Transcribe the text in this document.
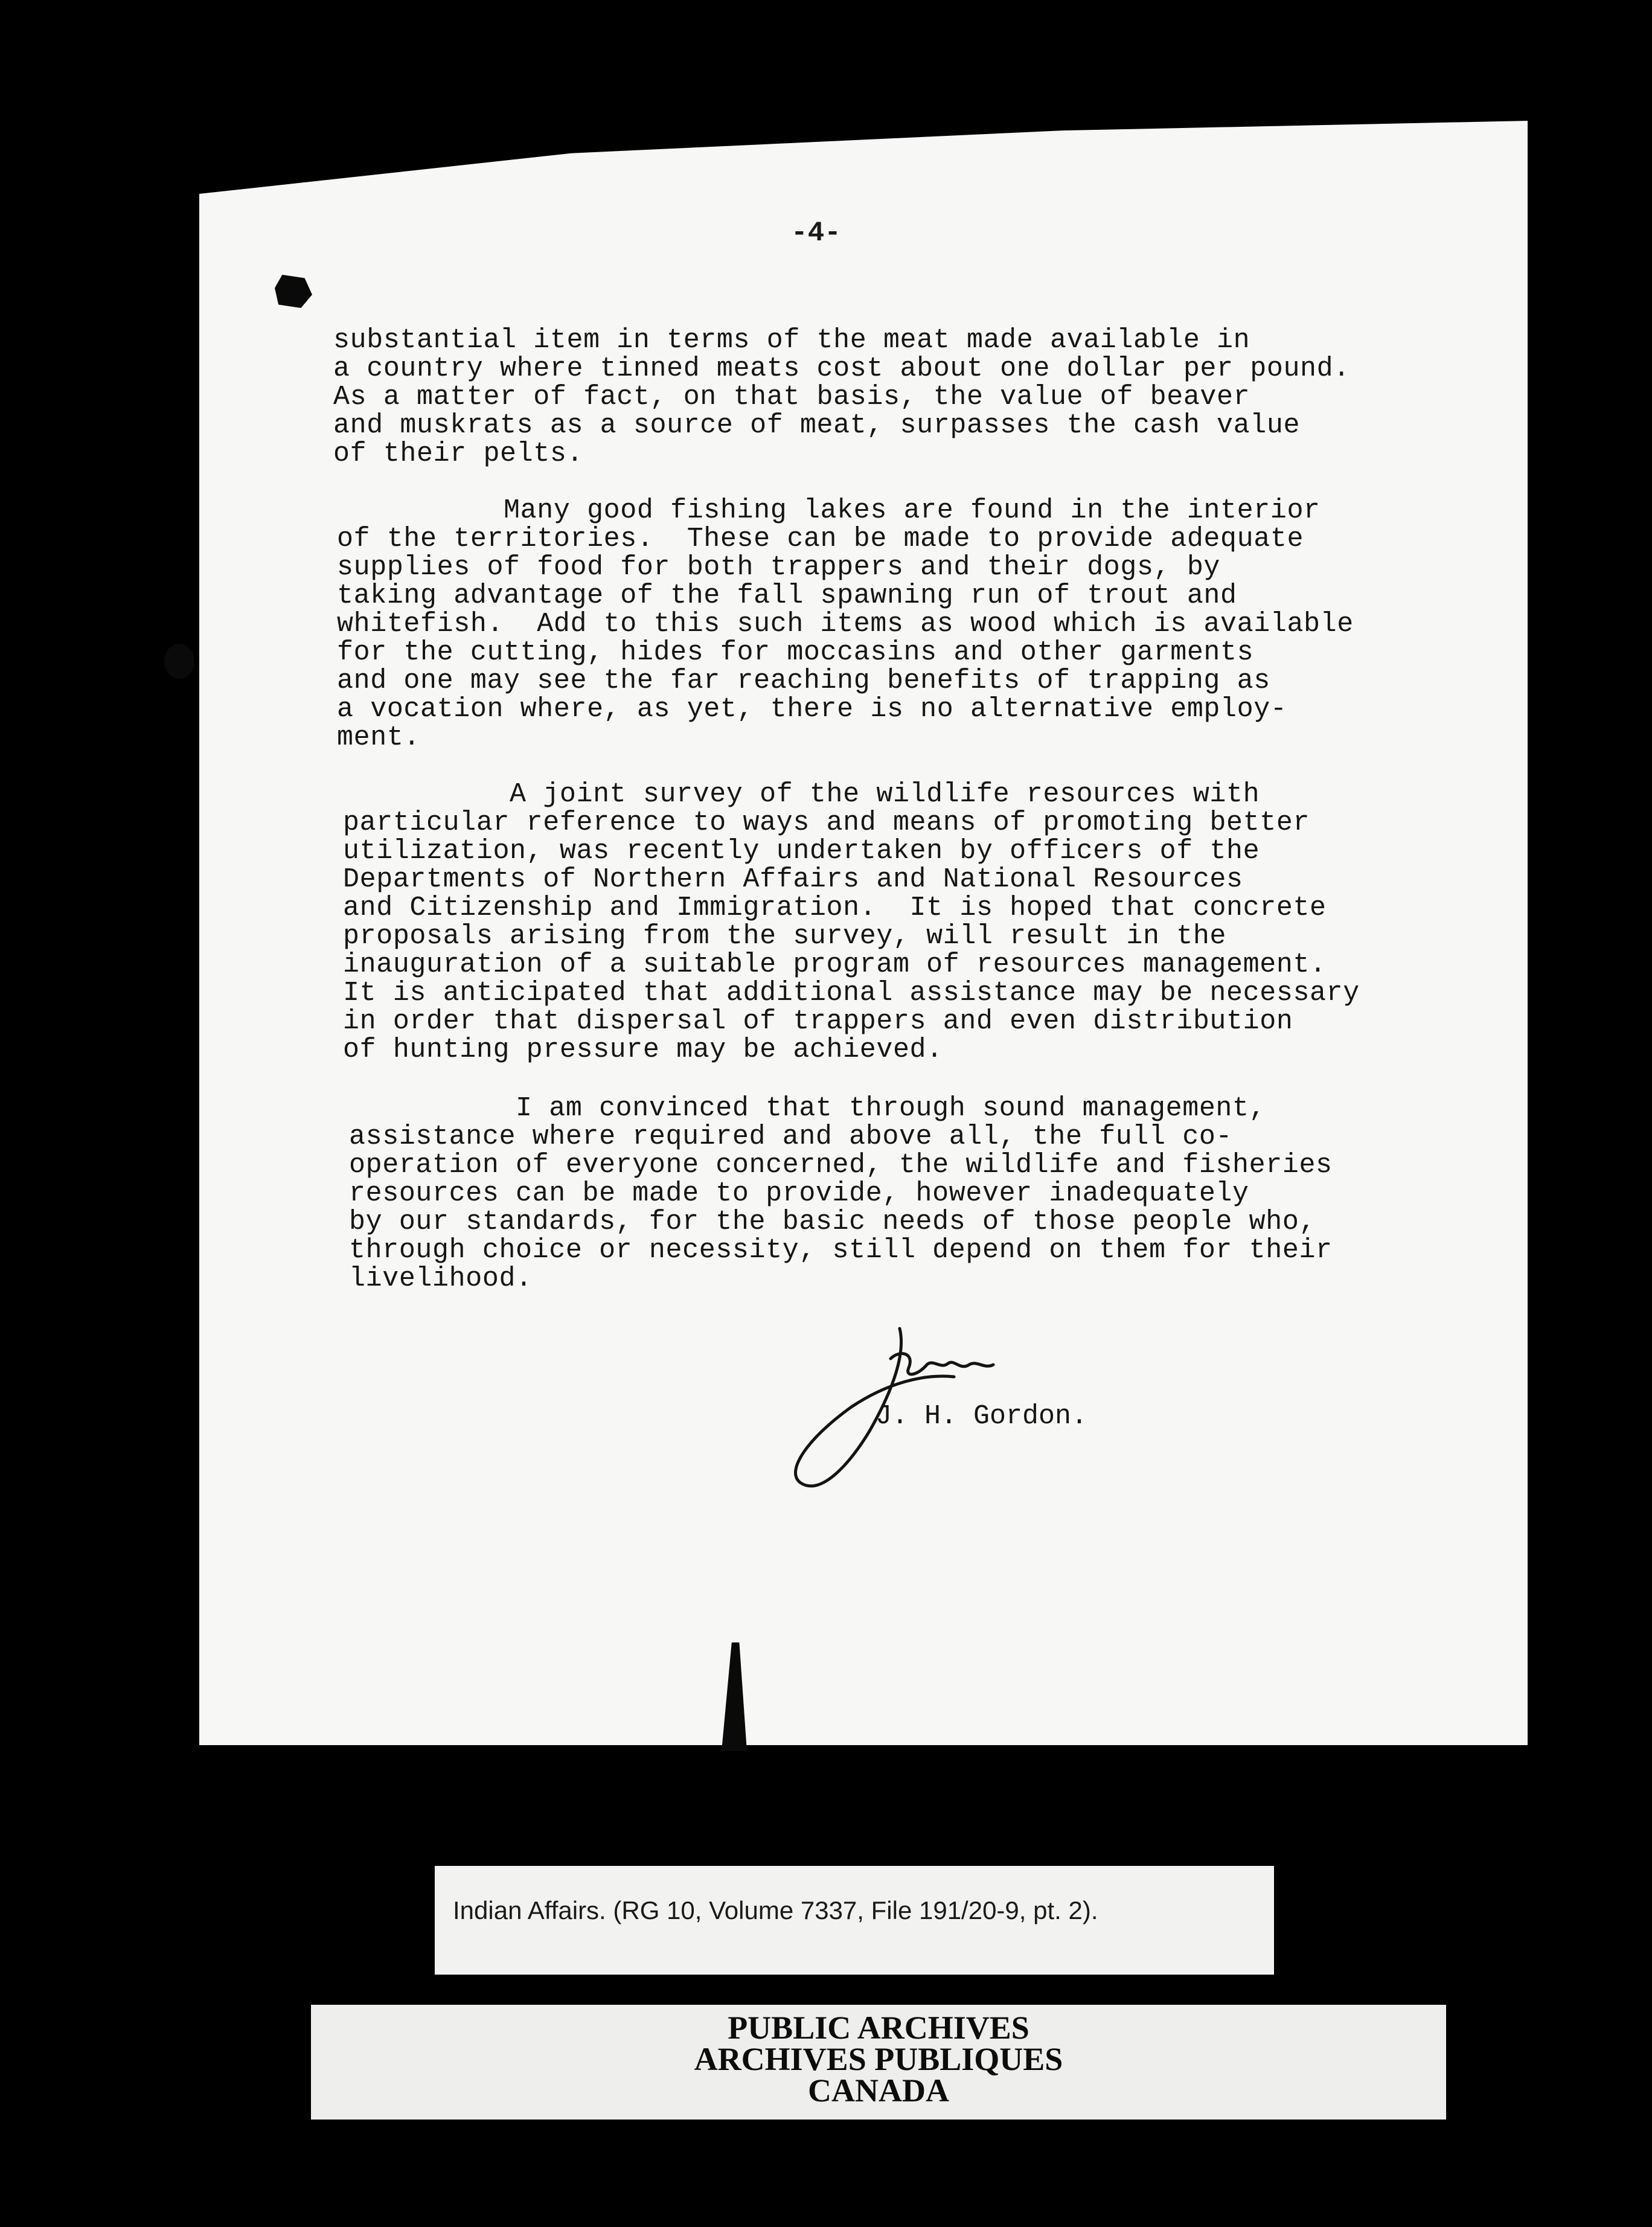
-4-
substantial item in terms of the meat made available in
a country where tinned meats cost about one dollar per pound.
As a matter of fact, on that basis, the value of beaver
and muskrats as a source of meat, surpasses the cash value
of their pelts.
Many good fishing lakes are found in the interior
of the territories.  These can be made to provide adequate
supplies of food for both trappers and their dogs, by
taking advantage of the fall spawning run of trout and
whitefish.  Add to this such items as wood which is available
for the cutting, hides for moccasins and other garments
and one may see the far reaching benefits of trapping as
a vocation where, as yet, there is no alternative employ-
ment.
A joint survey of the wildlife resources with
particular reference to ways and means of promoting better
utilization, was recently undertaken by officers of the
Departments of Northern Affairs and National Resources
and Citizenship and Immigration.  It is hoped that concrete
proposals arising from the survey, will result in the
inauguration of a suitable program of resources management.
It is anticipated that additional assistance may be necessary
in order that dispersal of trappers and even distribution
of hunting pressure may be achieved.
I am convinced that through sound management,
assistance where required and above all, the full co-
operation of everyone concerned, the wildlife and fisheries
resources can be made to provide, however inadequately
by our standards, for the basic needs of those people who,
through choice or necessity, still depend on them for their
livelihood.
J. H. Gordon.
Indian Affairs. (RG 10, Volume 7337, File 191/20-9, pt. 2).
PUBLIC ARCHIVES
ARCHIVES PUBLIQUES
CANADA
